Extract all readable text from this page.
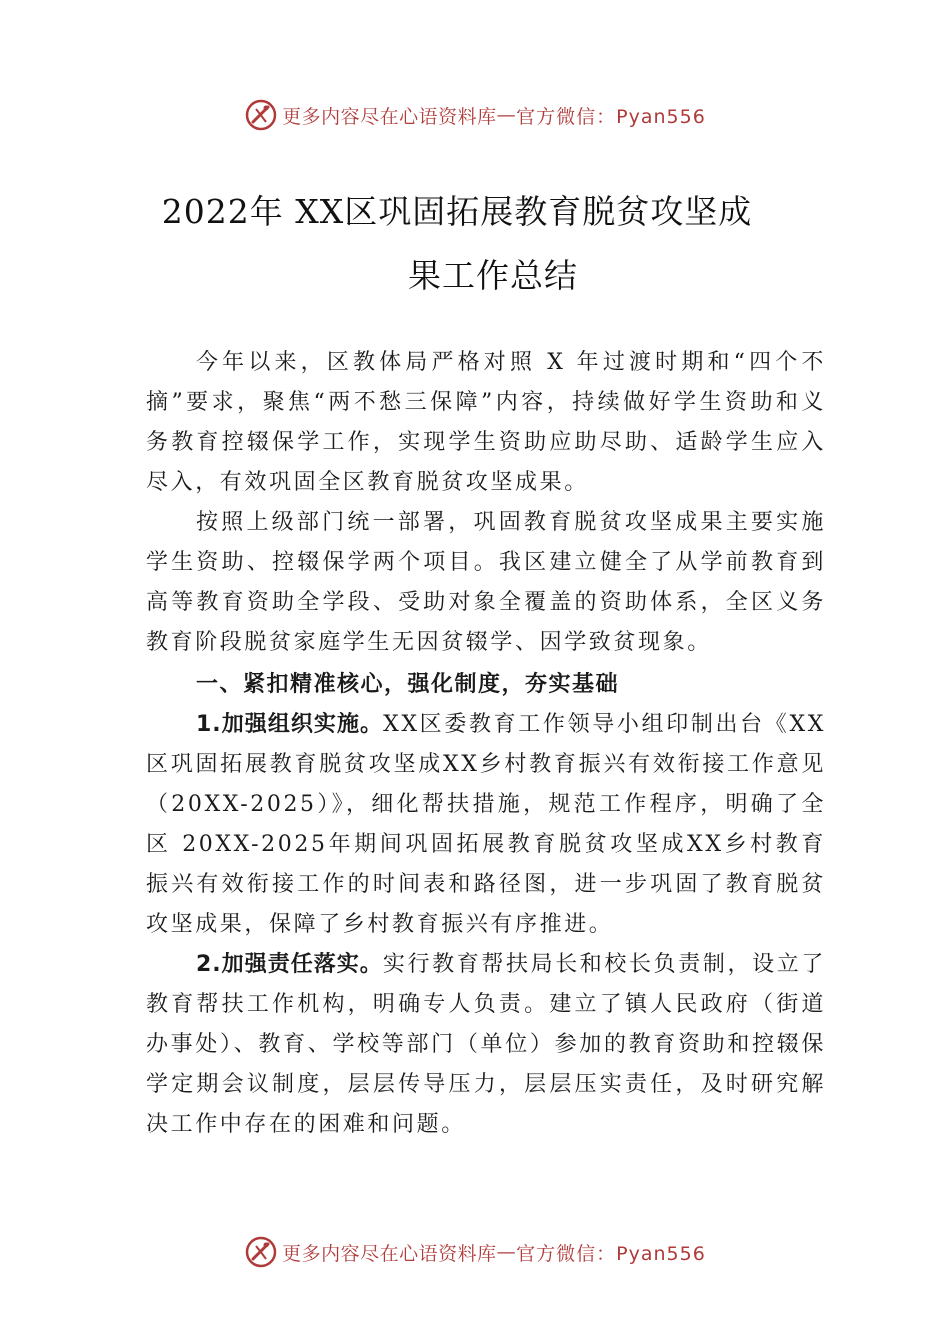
更多内容尽在心语资料库 — 官方微信：Pyan556
2022年 XX区巩固拓展教育脱贫攻坚成
果工作总结

今年以来，区教体局严格对照 X 年过渡时期和“四个不摘”要求，聚焦“两不愁三保障”内容，持续做好学生资助和义务教育控辍保学工作，实现学生资助应助尽助、适龄学生应入尽入，有效巩固全区教育脱贫攻坚成果。

按照上级部门统一部署，巩固教育脱贫攻坚成果主要实施学生资助、控辍保学两个项目。我区建立健全了从学前教育到高等教育资助全学段、受助对象全覆盖的资助体系，全区义务教育阶段脱贫家庭学生无因贫辍学、因学致贫现象。

一、紧扣精准核心，强化制度，夯实基础

1.加强组织实施。XX区委教育工作领导小组印制出台《XX区巩固拓展教育脱贫攻坚成XX乡村教育振兴有效衔接工作意见（20XX-2025）》，细化帮扶措施，规范工作程序，明确了全区 20XX-2025年期间巩固拓展教育脱贫攻坚成XX乡村教育振兴有效衔接工作的时间表和路径图，进一步巩固了教育脱贫攻坚成果，保障了乡村教育振兴有序推进。

2.加强责任落实。实行教育帮扶局长和校长负责制，设立了教育帮扶工作机构，明确专人负责。建立了镇人民政府（街道办事处）、教育、学校等部门（单位）参加的教育资助和控辍保学定期会议制度，层层传导压力，层层压实责任，及时研究解决工作中存在的困难和问题。

更多内容尽在心语资料库 — 官方微信：Pyan556
